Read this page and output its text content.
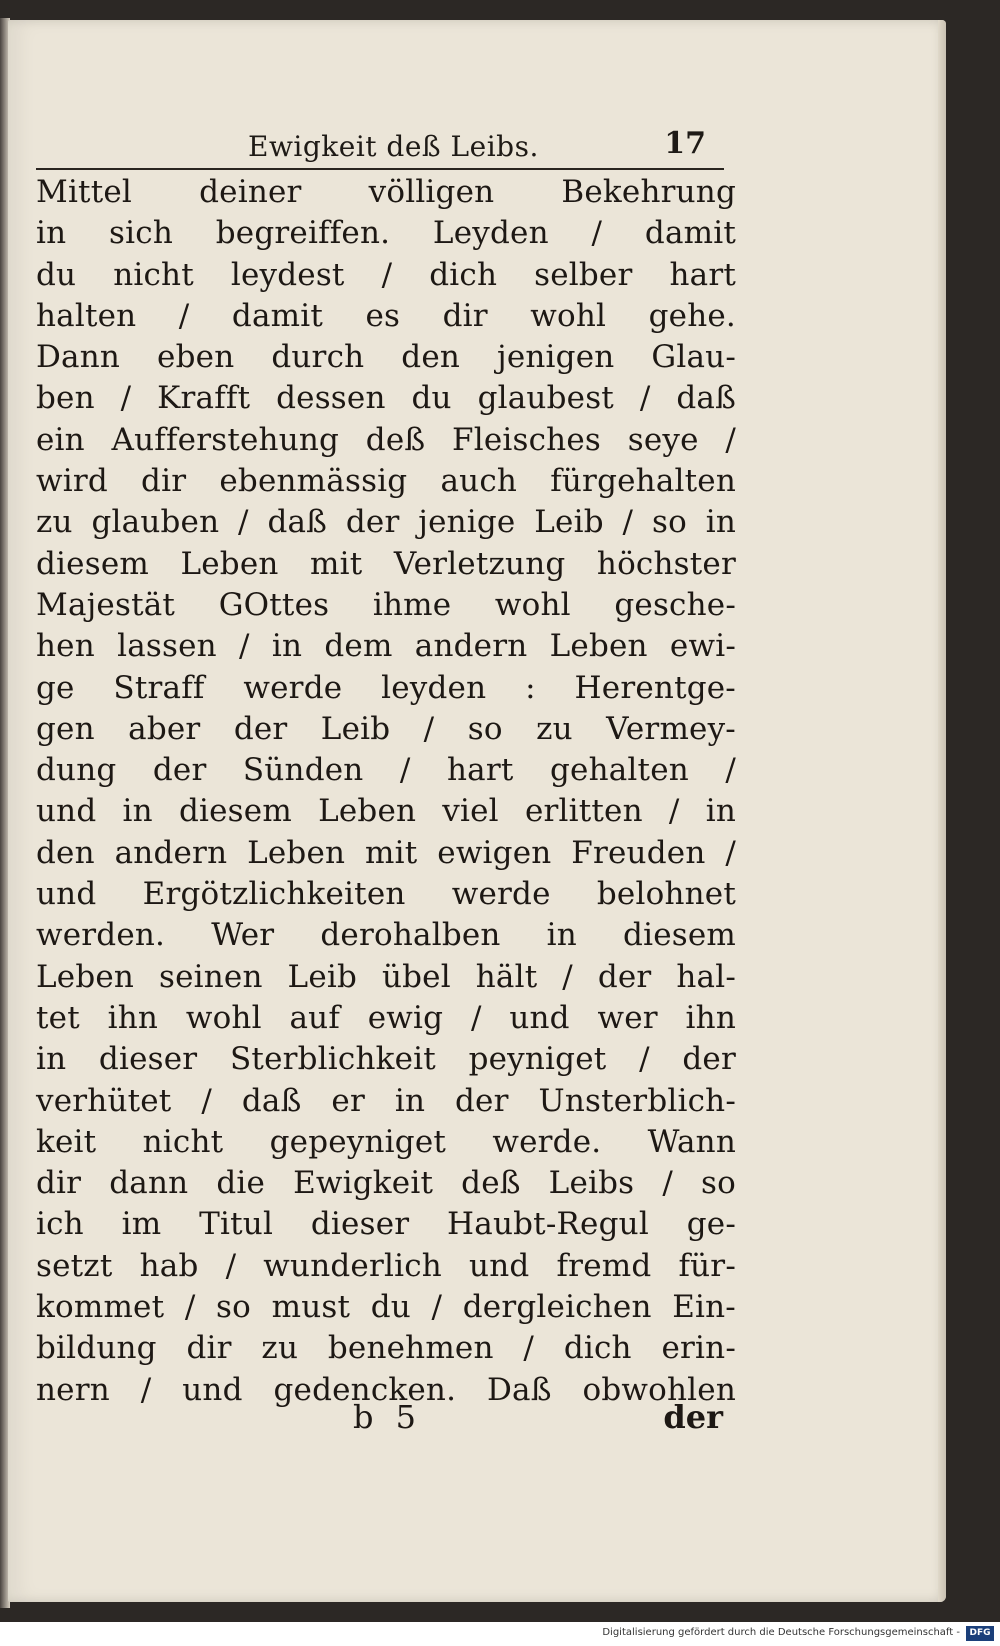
Ewigkeit deß Leibs.	17
Mittel deiner völligen Bekehrung
in sich begreiffen. Leyden / damit
du nicht leydest / dich selber hart
halten / damit es dir wohl gehe.
Dann eben durch den jenigen Glau-
ben / Krafft dessen du glaubest / daß
ein Aufferstehung deß Fleisches seye /
wird dir ebenmässig auch fürgehalten
zu glauben / daß der jenige Leib / so in
diesem Leben mit Verletzung höchster
Majestät GOttes ihme wohl gesche-
hen lassen / in dem andern Leben ewi-
ge Straff werde leyden : Herentge-
gen aber der Leib / so zu Vermey-
dung der Sünden / hart gehalten /
und in diesem Leben viel erlitten / in
den andern Leben mit ewigen Freuden /
und Ergötzlichkeiten werde belohnet
werden. Wer derohalben in diesem
Leben seinen Leib übel hält / der hal-
tet ihn wohl auf ewig / und wer ihn
in dieser Sterblichkeit peyniget / der
verhütet / daß er in der Unsterblich-
keit nicht gepeyniget werde. Wann
dir dann die Ewigkeit deß Leibs / so
ich im Titul dieser Haubt-Regul ge-
setzt hab / wunderlich und fremd für-
kommet / so must du / dergleichen Ein-
bildung dir zu benehmen / dich erin-
nern / und gedencken. Daß obwohlen
b 5	der
Digitalisierung gefördert durch die Deutsche Forschungsgemeinschaft -	DFG
